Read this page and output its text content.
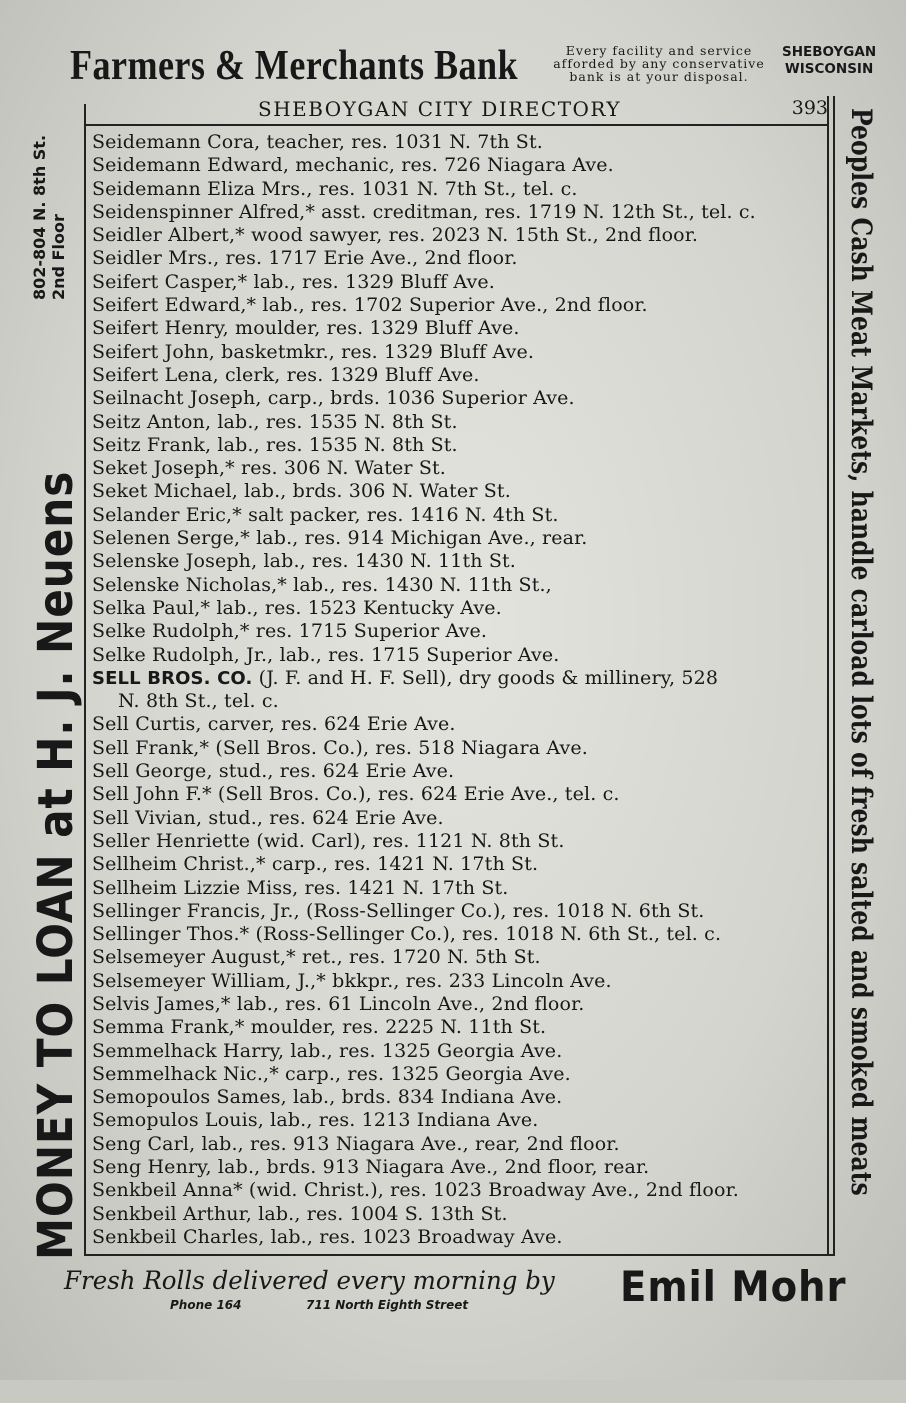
Farmers & Merchants Bank	Every facility and service
afforded by any conservative
bank is at your disposal.
SHEBOYGAN
WISCONSIN
MONEY TO LOAN at H. J. Neuens
802-804 N. 8th St. 2nd Floor	Peoples Cash Meat Markets, handle carload lots of fresh salted and smoked meats
SHEBOYGAN CITY DIRECTORY	393
Seidemann Cora, teacher, res. 1031 N. 7th St.
Seidemann Edward, mechanic, res. 726 Niagara Ave.
Seidemann Eliza Mrs., res. 1031 N. 7th St., tel. c.
Seidenspinner Alfred,* asst. creditman, res. 1719 N. 12th St., tel. c.
Seidler Albert,* wood sawyer, res. 2023 N. 15th St., 2nd floor.
Seidler Mrs., res. 1717 Erie Ave., 2nd floor.
Seifert Casper,* lab., res. 1329 Bluff Ave.
Seifert Edward,* lab., res. 1702 Superior Ave., 2nd floor.
Seifert Henry, moulder, res. 1329 Bluff Ave.
Seifert John, basketmkr., res. 1329 Bluff Ave.
Seifert Lena, clerk, res. 1329 Bluff Ave.
Seilnacht Joseph, carp., brds. 1036 Superior Ave.
Seitz Anton, lab., res. 1535 N. 8th St.
Seitz Frank, lab., res. 1535 N. 8th St.
Seket Joseph,* res. 306 N. Water St.
Seket Michael, lab., brds. 306 N. Water St.
Selander Eric,* salt packer, res. 1416 N. 4th St.
Selenen Serge,* lab., res. 914 Michigan Ave., rear.
Selenske Joseph, lab., res. 1430 N. 11th St.
Selenske Nicholas,* lab., res. 1430 N. 11th St.,
Selka Paul,* lab., res. 1523 Kentucky Ave.
Selke Rudolph,* res. 1715 Superior Ave.
Selke Rudolph, Jr., lab., res. 1715 Superior Ave.
SELL BROS. CO. (J. F. and H. F. Sell), dry goods & millinery, 528
N. 8th St., tel. c.
Sell Curtis, carver, res. 624 Erie Ave.
Sell Frank,* (Sell Bros. Co.), res. 518 Niagara Ave.
Sell George, stud., res. 624 Erie Ave.
Sell John F.* (Sell Bros. Co.), res. 624 Erie Ave., tel. c.
Sell Vivian, stud., res. 624 Erie Ave.
Seller Henriette (wid. Carl), res. 1121 N. 8th St.
Sellheim Christ.,* carp., res. 1421 N. 17th St.
Sellheim Lizzie Miss, res. 1421 N. 17th St.
Sellinger Francis, Jr., (Ross-Sellinger Co.), res. 1018 N. 6th St.
Sellinger Thos.* (Ross-Sellinger Co.), res. 1018 N. 6th St., tel. c.
Selsemeyer August,* ret., res. 1720 N. 5th St.
Selsemeyer William, J.,* bkkpr., res. 233 Lincoln Ave.
Selvis James,* lab., res. 61 Lincoln Ave., 2nd floor.
Semma Frank,* moulder, res. 2225 N. 11th St.
Semmelhack Harry, lab., res. 1325 Georgia Ave.
Semmelhack Nic.,* carp., res. 1325 Georgia Ave.
Semopoulos Sames, lab., brds. 834 Indiana Ave.
Semopulos Louis, lab., res. 1213 Indiana Ave.
Seng Carl, lab., res. 913 Niagara Ave., rear, 2nd floor.
Seng Henry, lab., brds. 913 Niagara Ave., 2nd floor, rear.
Senkbeil Anna* (wid. Christ.), res. 1023 Broadway Ave., 2nd floor.
Senkbeil Arthur, lab., res. 1004 S. 13th St.
Senkbeil Charles, lab., res. 1023 Broadway Ave.
Fresh Rolls delivered every morning by
Phone 164	711 North Eighth Street	Emil Mohr
